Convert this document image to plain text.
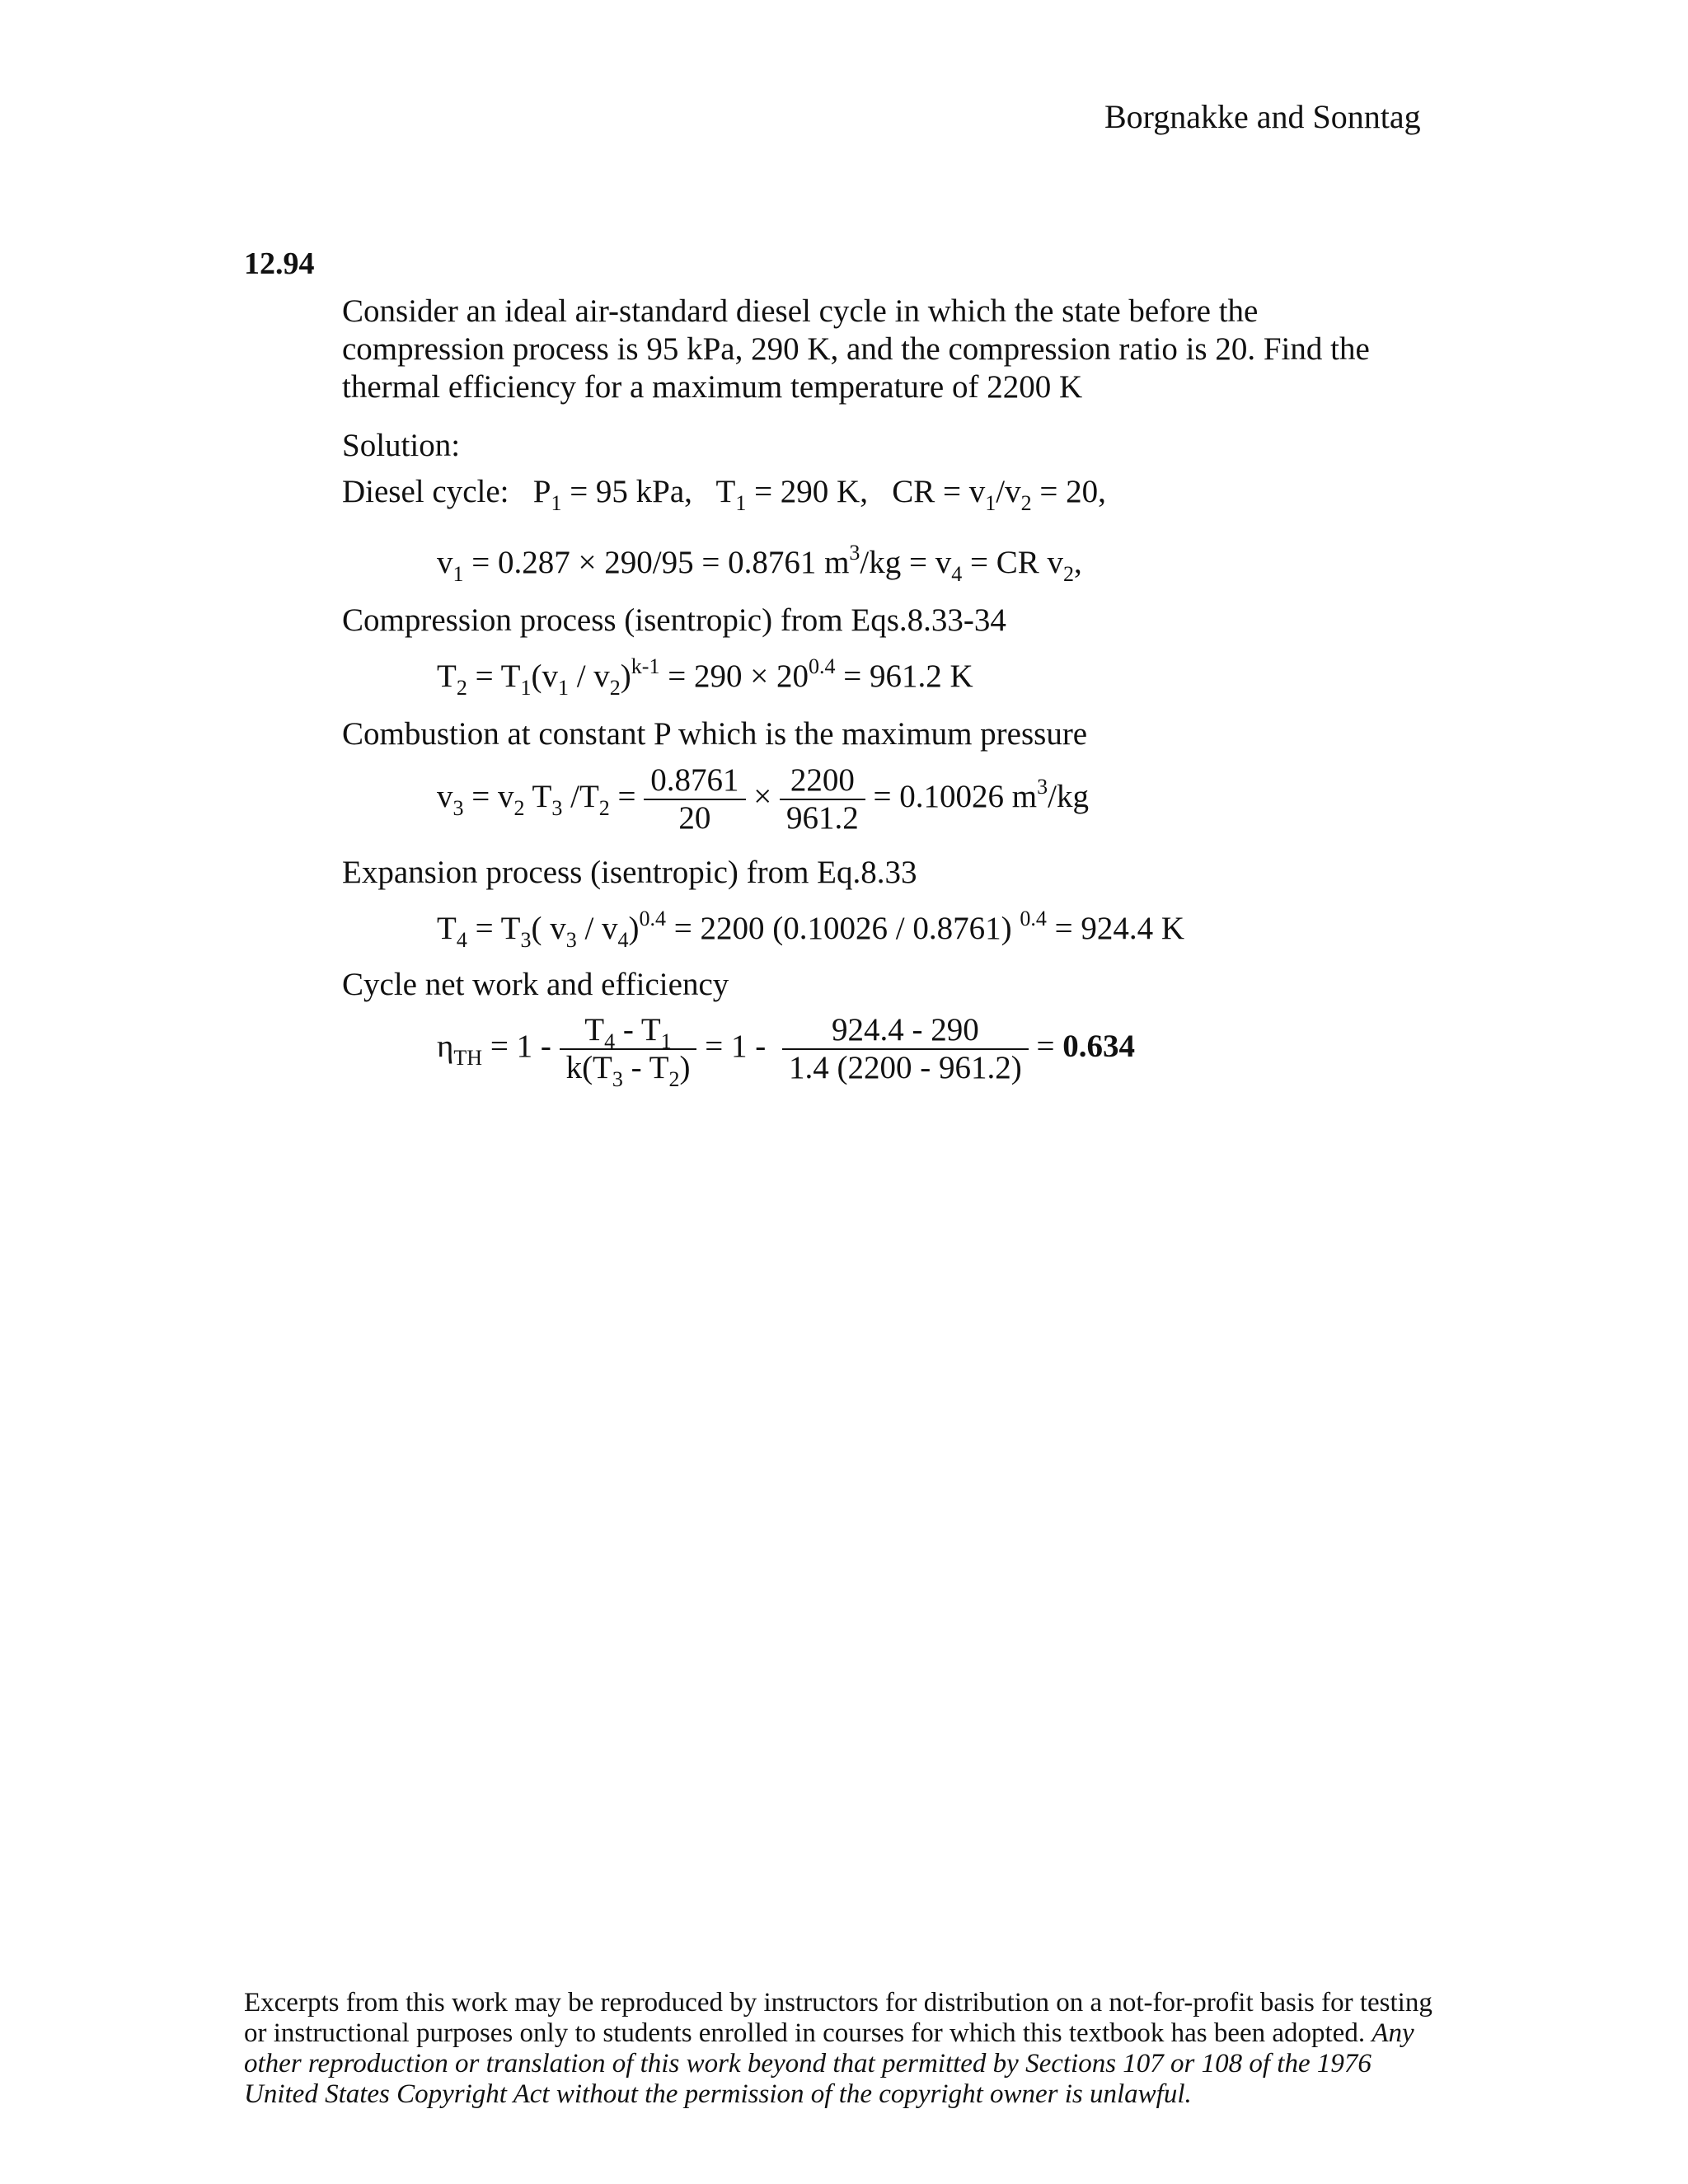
Borgnakke and Sonntag
12.94
Consider an ideal air-standard diesel cycle in which the state before the
compression process is 95 kPa, 290 K, and the compression ratio is 20. Find the
thermal efficiency for a maximum temperature of 2200 K
Solution:
Diesel cycle: $P_1 = 95$ kPa, $T_1 = 290$ K, CR = $v_1/v_2 = 20$,
$v_1 = 0.287 \times 290/95 = 0.8761$ $m^3/kg = v_4$ = CR $v_2$,
Compression process (isentropic) from Eqs.8.33-34
$T_2 = T_1(v_1 / v_2)^{k-1} = 290 \times 20^{0.4} = 961.2$ K
Combustion at constant P which is the maximum pressure
$v_3 = v_2$ $T_3$ $/T_2 = \frac{0.8761}{20} \times \frac{2200}{961.2} = 0.10026$ $m^3/kg$
Expansion process (isentropic) from Eq.8.33
$T_4 = T_3$( $v_3 / v_4)^{0.4} = 2200$ (0.10026 / 0.8761) $^{0.4}$ = 924.4 K
Cycle net work and efficiency
$\eta_{TH} = 1 - \frac{T_4 - T_1}{k(T_3 - T_2)} = 1 - \frac{924.4 - 290}{1.4 (2200 - 961.2)} = 0.634$
Excerpts from this work may be reproduced by instructors for distribution on a not-for-profit basis for testing or instructional purposes only to students enrolled in courses for which this textbook has been adopted. Any other reproduction or translation of this work beyond that permitted by Sections 107 or 108 of the 1976 United States Copyright Act without the permission of the copyright owner is unlawful.
